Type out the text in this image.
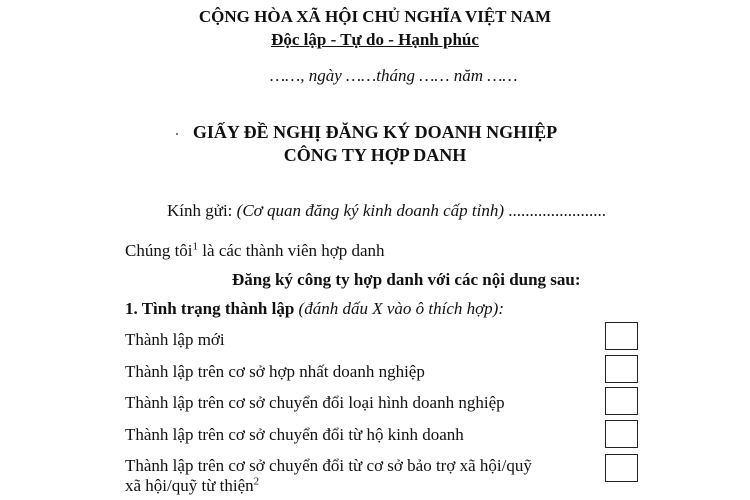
CỘNG HÒA XÃ HỘI CHỦ NGHĨA VIỆT NAM
Độc lập - Tự do - Hạnh phúc
……, ngày ……tháng …… năm ……
GIẤY ĐỀ NGHỊ ĐĂNG KÝ DOANH NGHIỆP
CÔNG TY HỢP DANH
Kính gửi: (Cơ quan đăng ký kinh doanh cấp tỉnh) .......................
Chúng tôi$^1$ là các thành viên hợp danh
Đăng ký công ty hợp danh với các nội dung sau:
1. Tình trạng thành lập (đánh dấu X vào ô thích hợp):
Thành lập mới
Thành lập trên cơ sở hợp nhất doanh nghiệp
Thành lập trên cơ sở chuyển đổi loại hình doanh nghiệp
Thành lập trên cơ sở chuyển đổi từ hộ kinh doanh
Thành lập trên cơ sở chuyển đổi từ cơ sở bảo trợ xã hội/quỹ
xã hội/quỹ từ thiện$^2$
